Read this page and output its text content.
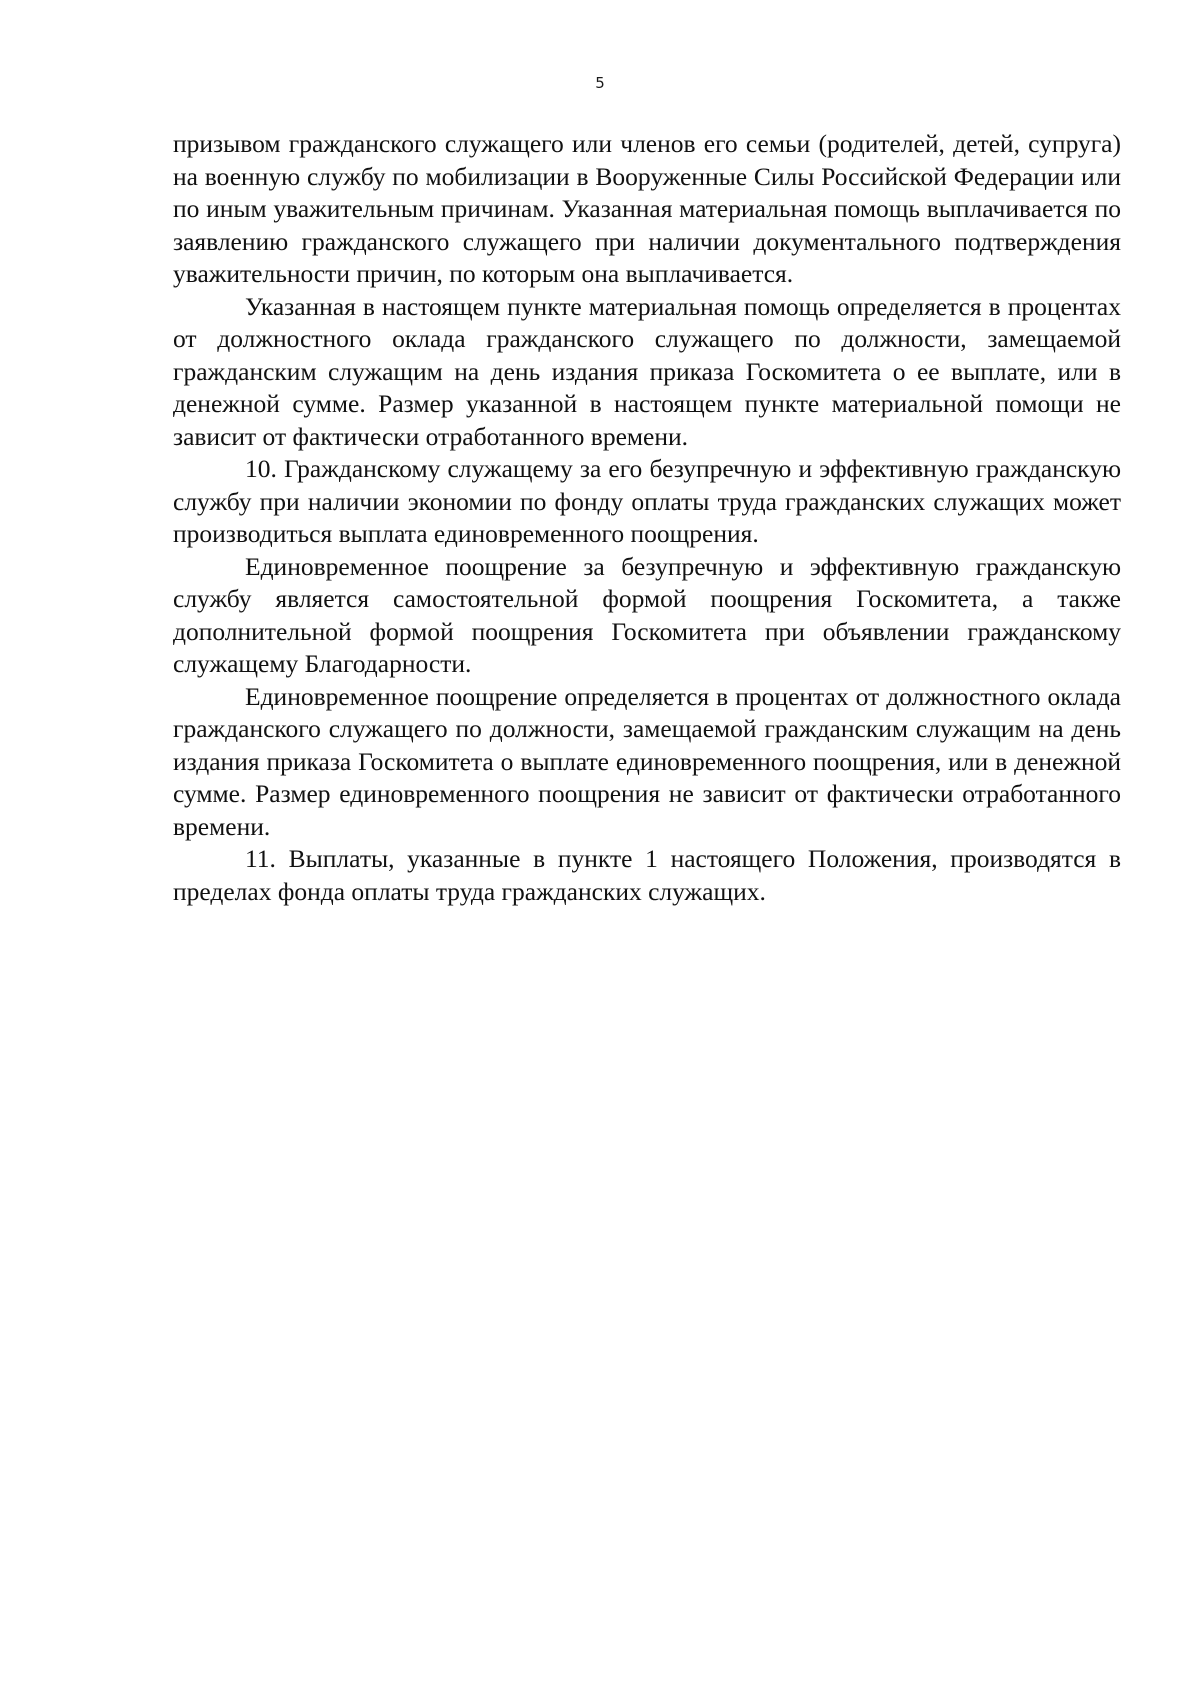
5

призывом гражданского служащего или членов его семьи (родителей, детей, супруга) на военную службу по мобилизации в Вооруженные Силы Российской Федерации или по иным уважительным причинам. Указанная материальная помощь выплачивается по заявлению гражданского служащего при наличии документального подтверждения уважительности причин, по которым она выплачивается.

Указанная в настоящем пункте материальная помощь определяется в процентах от должностного оклада гражданского служащего по должности, замещаемой гражданским служащим на день издания приказа Госкомитета о ее выплате, или в денежной сумме. Размер указанной в настоящем пункте материальной помощи не зависит от фактически отработанного времени.

10. Гражданскому служащему за его безупречную и эффективную гражданскую службу при наличии экономии по фонду оплаты труда гражданских служащих может производиться выплата единовременного поощрения.

Единовременное поощрение за безупречную и эффективную гражданскую службу является самостоятельной формой поощрения Госкомитета, а также дополнительной формой поощрения Госкомитета при объявлении гражданскому служащему Благодарности.

Единовременное поощрение определяется в процентах от должностного оклада гражданского служащего по должности, замещаемой гражданским служащим на день издания приказа Госкомитета о выплате единовременного поощрения, или в денежной сумме. Размер единовременного поощрения не зависит от фактически отработанного времени.

11. Выплаты, указанные в пункте 1 настоящего Положения, производятся в пределах фонда оплаты труда гражданских служащих.
